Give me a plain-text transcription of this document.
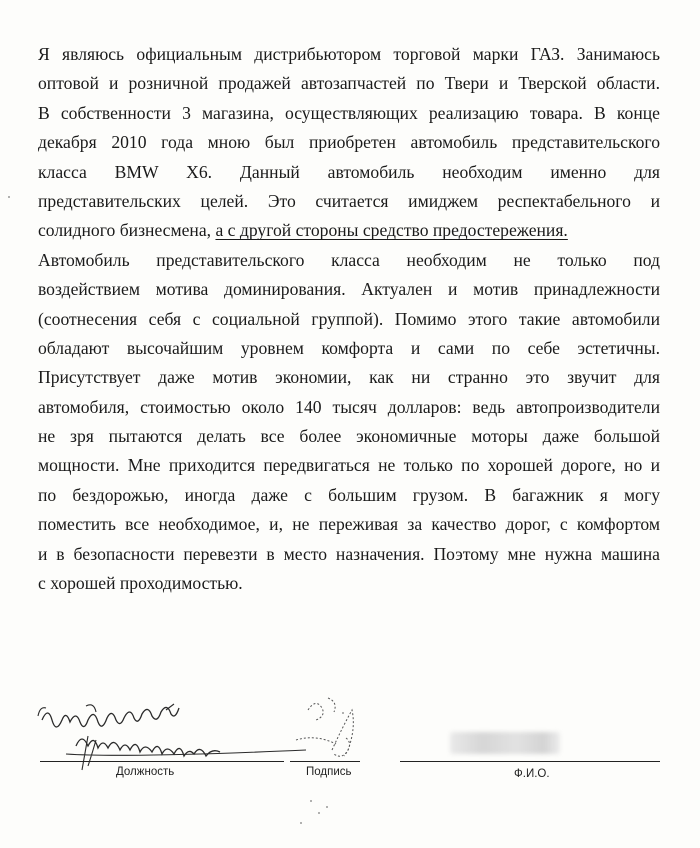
Я являюсь официальным дистрибьютором торговой марки ГАЗ. Занимаюсь
оптовой и розничной продажей автозапчастей по Твери и Тверской области.
В собственности 3 магазина, осуществляющих реализацию товара. В конце
декабря 2010 года мною был приобретен автомобиль представительского
класса BMW X6. Данный автомобиль необходим именно для
представительских целей. Это считается имиджем респектабельного и
солидного бизнесмена, а с другой стороны средство предостережения.
Автомобиль представительского класса необходим не только под
воздействием мотива доминирования. Актуален и мотив принадлежности
(соотнесения себя с социальной группой). Помимо этого такие автомобили
обладают высочайшим уровнем комфорта и сами по себе эстетичны.
Присутствует даже мотив экономии, как ни странно это звучит для
автомобиля, стоимостью около 140 тысяч долларов: ведь автопроизводители
не зря пытаются делать все более экономичные моторы даже большой
мощности. Мне приходится передвигаться не только по хорошей дороге, но и
по бездорожью, иногда даже с большим грузом. В багажник я могу
поместить все необходимое, и, не переживая за качество дорог, с комфортом
и в безопасности перевезти в место назначения. Поэтому мне нужна машина
с хорошей проходимостью.
Должность	Подпись	Ф.И.О.
